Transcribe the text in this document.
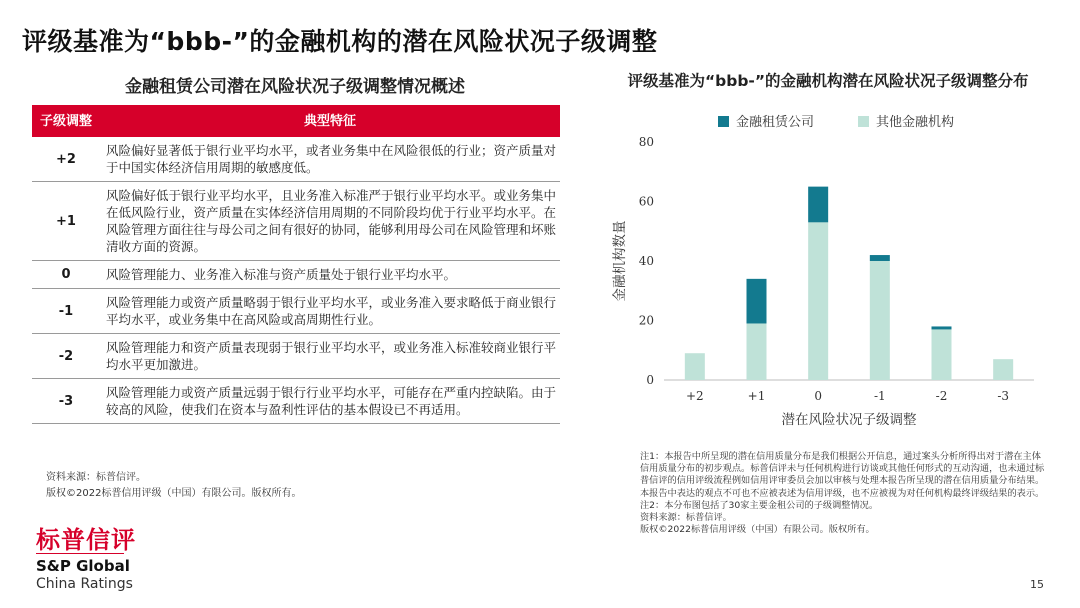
评级基准为“bbb-”的金融机构的潜在风险状况子级调整
金融租赁公司潜在风险状况子级调整情况概述	评级基准为“bbb-”的金融机构潜在风险状况子级调整分布
子级调整	典型特征
+2	风险偏好显著低于银行业平均水平，或者业务集中在风险很低的行业；资产质量对于中国实体经济信用周期的敏感度低。
+1	风险偏好低于银行业平均水平，且业务准入标准严于银行业平均水平。或业务集中在低风险行业，资产质量在实体经济信用周期的不同阶段均优于行业平均水平。在风险管理方面往往与母公司之间有很好的协同，能够利用母公司在风险管理和坏账清收方面的资源。
0	风险管理能力、业务准入标准与资产质量处于银行业平均水平。
-1	风险管理能力或资产质量略弱于银行业平均水平，或业务准入要求略低于商业银行平均水平，或业务集中在高风险或高周期性行业。
-2	风险管理能力和资产质量表现弱于银行业平均水平，或业务准入标准较商业银行平均水平更加激进。
-3	风险管理能力或资产质量远弱于银行行业平均水平，可能存在严重内控缺陷。由于较高的风险，使我们在资本与盈利性评估的基本假设已不再适用。
资料来源：标普信评。
版权©2022标普信用评级（中国）有限公司。版权所有。
标普信评
S&P Global
China Ratings
0
20
40
60
80
+2	+1	0	-1	-2	-3
潜在风险状况子级调整
金融机构数量
金融租赁公司	其他金融机构
注1：本报告中所呈现的潜在信用质量分布是我们根据公开信息，通过案头分析所得出对于潜在主体信用质量分布的初步观点。标普信评未与任何机构进行访谈或其他任何形式的互动沟通，也未通过标普信评的信用评级流程例如信用评审委员会加以审核与处理本报告所呈现的潜在信用质量分布结果。本报告中表达的观点不可也不应被表述为信用评级，也不应被视为对任何机构最终评级结果的表示。
注2：本分布图包括了30家主要金租公司的子级调整情况。
资料来源：标普信评。
版权©2022标普信用评级（中国）有限公司。版权所有。
15
